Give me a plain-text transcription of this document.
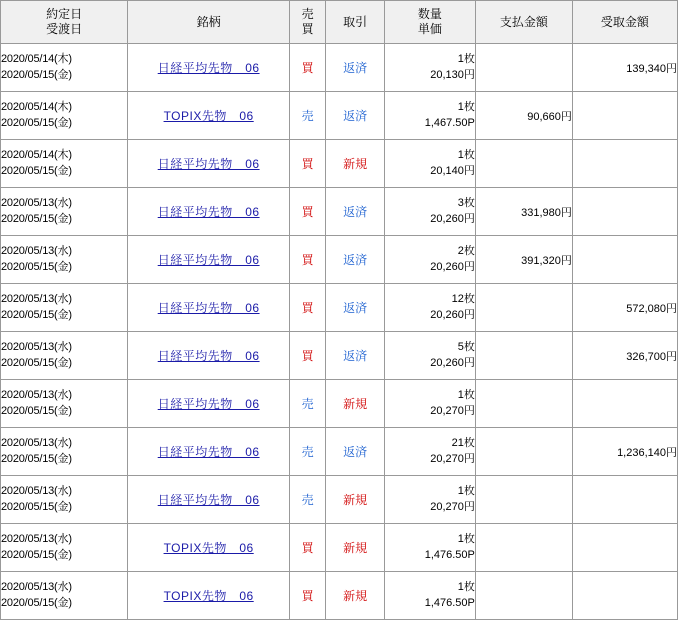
約定日
受渡日	銘柄	売
買	取引	数量
単価	支払金額	受取金額

2020/05/14(木)
2020/05/15(金)	日経平均先物　06	買	返済	
1枚
20,130円		139,340円

2020/05/14(木)
2020/05/15(金)	TOPIX先物　06	売	返済	
1枚
1,467.50P	90,660円	

2020/05/14(木)
2020/05/15(金)	日経平均先物　06	買	新規	
1枚
20,140円

2020/05/13(水)
2020/05/15(金)	日経平均先物　06	買	返済	
3枚
20,260円	331,980円	

2020/05/13(水)
2020/05/15(金)	日経平均先物　06	買	返済	
2枚
20,260円	391,320円	

2020/05/13(水)
2020/05/15(金)	日経平均先物　06	買	返済	
12枚
20,260円		572,080円

2020/05/13(水)
2020/05/15(金)	日経平均先物　06	買	返済	
5枚
20,260円		326,700円

2020/05/13(水)
2020/05/15(金)	日経平均先物　06	売	新規	
1枚
20,270円

2020/05/13(水)
2020/05/15(金)	日経平均先物　06	売	返済	
21枚
20,270円		1,236,140円

2020/05/13(水)
2020/05/15(金)	日経平均先物　06	売	新規	
1枚
20,270円

2020/05/13(水)
2020/05/15(金)	TOPIX先物　06	買	新規	
1枚
1,476.50P

2020/05/13(水)
2020/05/15(金)	TOPIX先物　06	買	新規	
1枚
1,476.50P
